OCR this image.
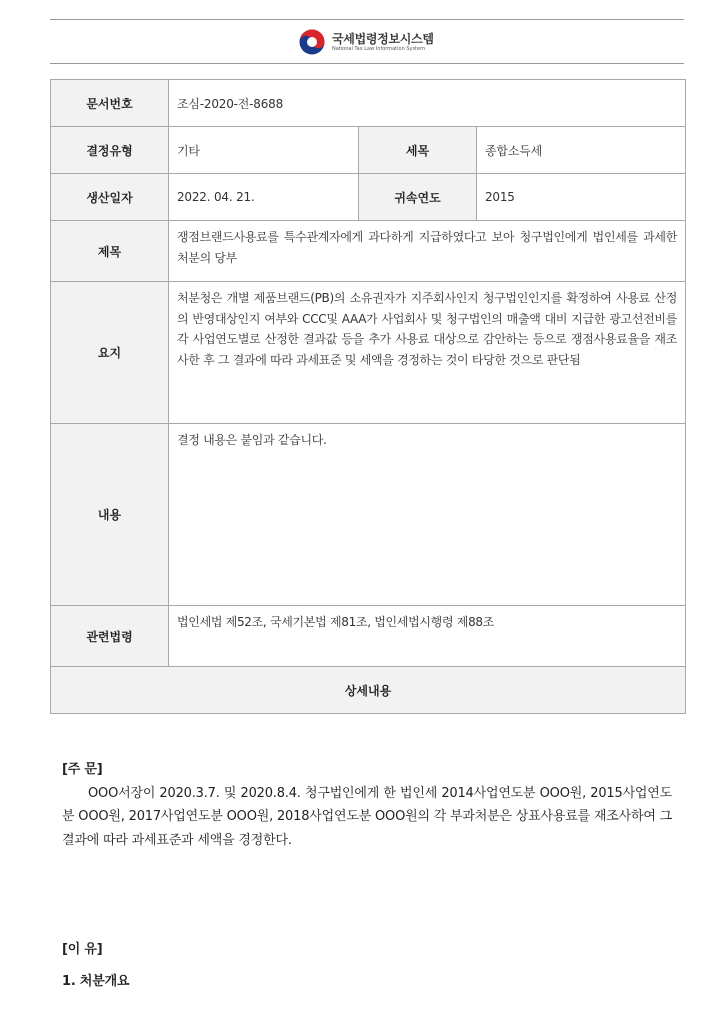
국세법령정보시스템
National Tax Law Information System
문서번호	조심-2020-전-8688		
결정유형	기타	세목	종합소득세
생산일자	2022. 04. 21.	귀속연도	2015
제목	쟁점브랜드사용료를 특수관계자에게 과다하게 지급하였다고 보아 청구법인에게 법인세를 과세한 처분의 당부		
요지	처분청은 개별 제품브랜드(PB)의 소유권자가 지주회사인지 청구법인인지를 확정하여 사용료 산정의 반영대상인지 여부와 CCC및 AAA가 사업회사 및 청구법인의 매출액 대비 지급한 광고선전비를 각 사업연도별로 산정한 결과값 등을 추가 사용료 대상으로 감안하는 등으로 쟁점사용료율을 재조사한 후 그 결과에 따라 과세표준 및 세액을 경정하는 것이 타당한 것으로 판단됨		
내용	결정 내용은 붙임과 같습니다.		
관련법령	법인세법 제52조, 국세기본법 제81조, 법인세법시행령 제88조		
상세내용			
[주 문]
OOO서장이 2020.3.7. 및 2020.8.4. 청구법인에게 한 법인세 2014사업연도분 OOO원, 2015사업연도분 OOO원, 2017사업연도분 OOO원, 2018사업연도분 OOO원의 각 부과처분은 상표사용료를 재조사하여 그 결과에 따라 과세표준과 세액을 경정한다.
[이 유]
1. 처분개요
